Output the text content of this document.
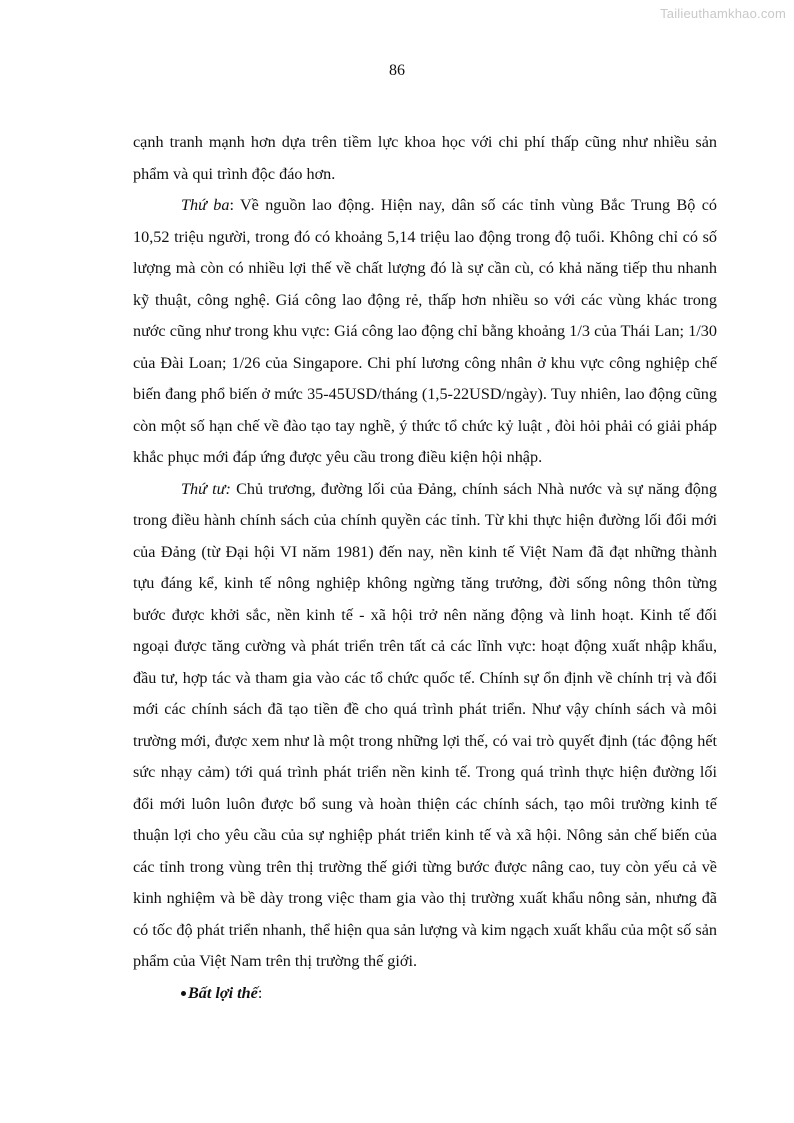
Tailieuthamkhao.com
86

cạnh tranh mạnh hơn dựa trên tiềm lực khoa học với chi phí thấp cũng như nhiều sản phẩm và qui trình độc đáo hơn.

Thứ ba: Về nguồn lao động. Hiện nay, dân số các tỉnh vùng Bắc Trung Bộ có 10,52 triệu người, trong đó có khoảng 5,14 triệu lao động trong độ tuổi. Không chỉ có số lượng mà còn có nhiều lợi thế về chất lượng đó là sự cần cù, có khả năng tiếp thu nhanh kỹ thuật, công nghệ. Giá công lao động rẻ, thấp hơn nhiều so với các vùng khác trong nước cũng như trong khu vực: Giá công lao động chỉ bằng khoảng 1/3 của Thái Lan; 1/30 của Đài Loan; 1/26 của Singapore. Chi phí lương công nhân ở khu vực công nghiệp chế biến đang phổ biến ở mức 35-45USD/tháng (1,5-22USD/ngày). Tuy nhiên, lao động cũng còn một số hạn chế về đào tạo tay nghề, ý thức tổ chức kỷ luật , đòi hỏi phải có giải pháp khắc phục mới đáp ứng được yêu cầu trong điều kiện hội nhập.

Thứ tư: Chủ trương, đường lối của Đảng, chính sách Nhà nước và sự năng động trong điều hành chính sách của chính quyền các tỉnh. Từ khi thực hiện đường lối đổi mới của Đảng (từ Đại hội VI năm 1981) đến nay, nền kinh tế Việt Nam đã đạt những thành tựu đáng kể, kinh tế nông nghiệp không ngừng tăng trưởng, đời sống nông thôn từng bước được khởi sắc, nền kinh tế - xã hội trở nên năng động và linh hoạt. Kinh tế đối ngoại được tăng cường và phát triển trên tất cả các lĩnh vực: hoạt động xuất nhập khẩu, đầu tư, hợp tác và tham gia vào các tổ chức quốc tế. Chính sự ổn định về chính trị và đổi mới các chính sách đã tạo tiền đề cho quá trình phát triển. Như vậy chính sách và môi trường mới, được xem như là một trong những lợi thế, có vai trò quyết định (tác động hết sức nhạy cảm) tới quá trình phát triển nền kinh tế. Trong quá trình thực hiện đường lối đổi mới luôn luôn được bổ sung và hoàn thiện các chính sách, tạo môi trường kinh tế thuận lợi cho yêu cầu của sự nghiệp phát triển kinh tế và xã hội. Nông sản chế biến của các tỉnh trong vùng trên thị trường thế giới từng bước được nâng cao, tuy còn yếu cả về kinh nghiệm và bề dày trong việc tham gia vào thị trường xuất khẩu nông sản, nhưng đã có tốc độ phát triển nhanh, thể hiện qua sản lượng và kim ngạch xuất khẩu của một số sản phẩm của Việt Nam trên thị trường thế giới.

Bất lợi thế:
